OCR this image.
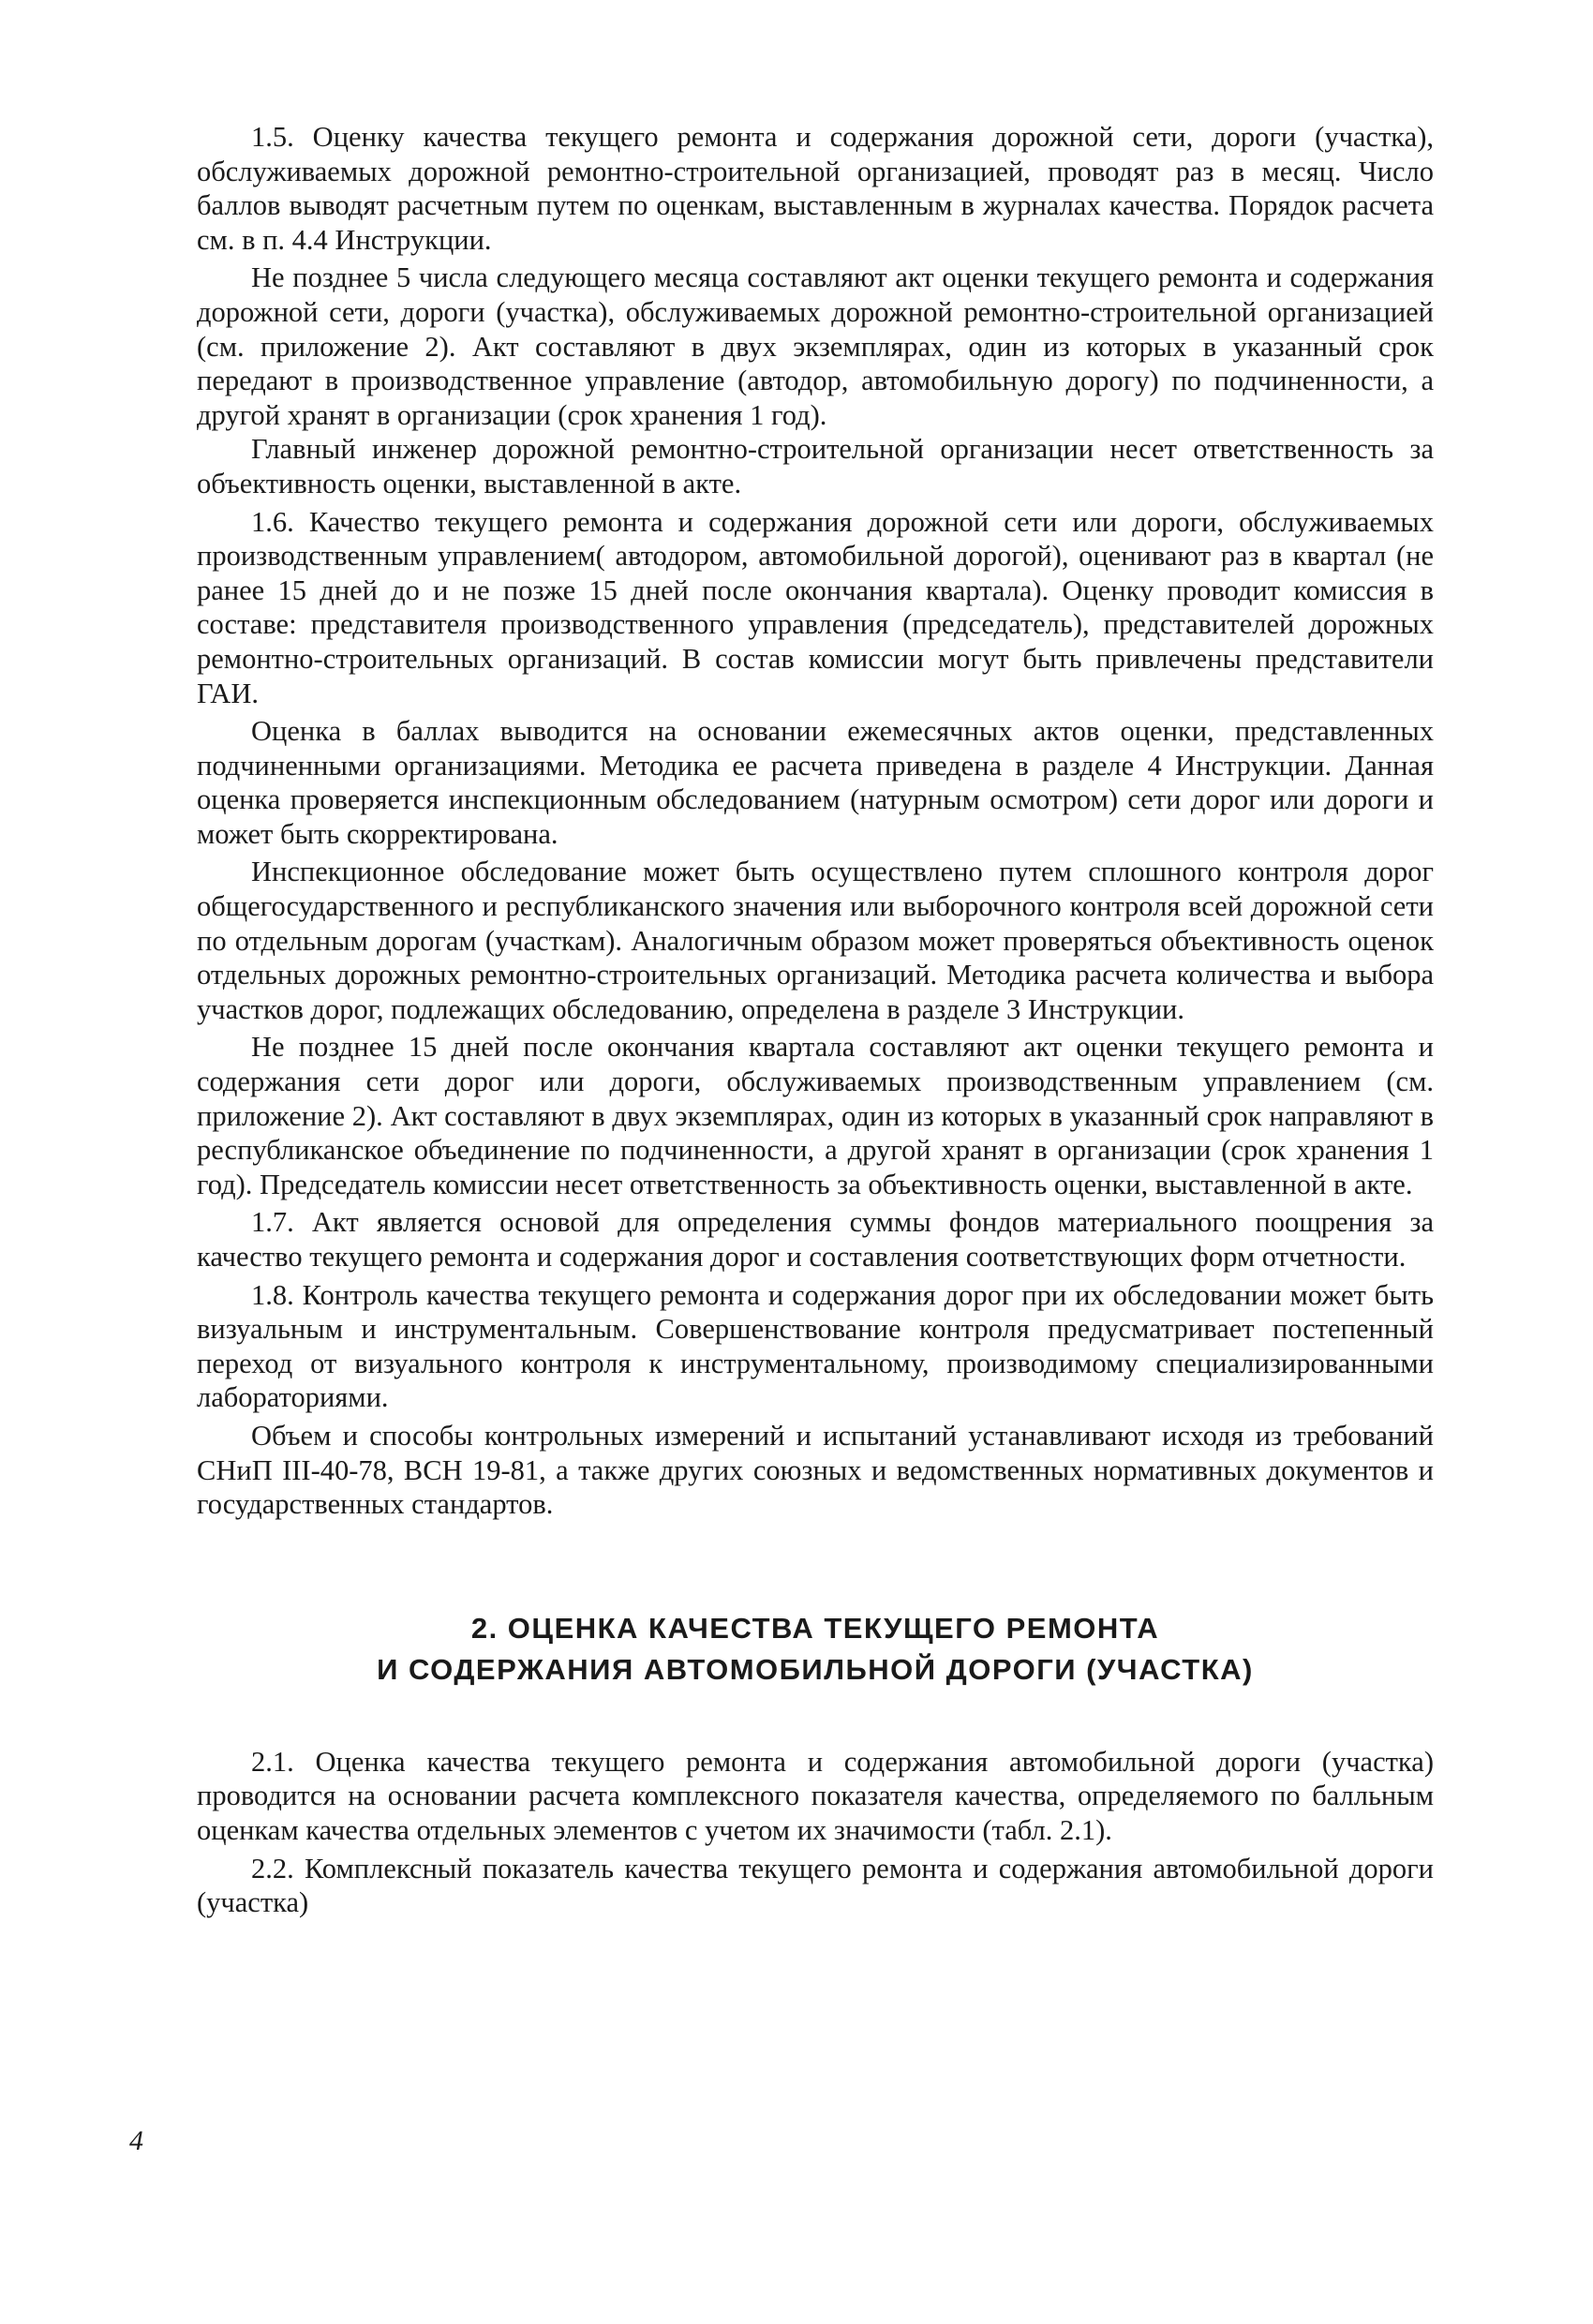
1.5. Оценку качества текущего ремонта и содержания дорожной сети, дороги (участка), обслуживаемых дорожной ремонтно-строительной организацией, проводят раз в месяц. Число баллов выводят расчетным путем по оценкам, выставленным в журналах качества. Порядок расчета см. в п. 4.4 Инструкции.

Не позднее 5 числа следующего месяца составляют акт оценки текущего ремонта и содержания дорожной сети, дороги (участка), обслуживаемых дорожной ремонтно-строительной организацией (см. приложение 2). Акт составляют в двух экземплярах, один из которых в указанный срок передают в производственное управление (автодор, автомобильную дорогу) по подчиненности, а другой хранят в организации (срок хранения 1 год).

Главный инженер дорожной ремонтно-строительной организации несет ответственность за объективность оценки, выставленной в акте.

1.6. Качество текущего ремонта и содержания дорожной сети или дороги, обслуживаемых производственным управлением( автодором, автомобильной дорогой), оценивают раз в квартал (не ранее 15 дней до и не позже 15 дней после окончания квартала). Оценку проводит комиссия в составе: представителя производственного управления (председатель), представителей дорожных ремонтно-строительных организаций. В состав комиссии могут быть привлечены представители ГАИ.

Оценка в баллах выводится на основании ежемесячных актов оценки, представленных подчиненными организациями. Методика ее расчета приведена в разделе 4 Инструкции. Данная оценка проверяется инспекционным обследованием (натурным осмотром) сети дорог или дороги и может быть скорректирована.

Инспекционное обследование может быть осуществлено путем сплошного контроля дорог общегосударственного и республиканского значения или выборочного контроля всей дорожной сети по отдельным дорогам (участкам). Аналогичным образом может проверяться объективность оценок отдельных дорожных ремонтно-строительных организаций. Методика расчета количества и выбора участков дорог, подлежащих обследованию, определена в разделе 3 Инструкции.

Не позднее 15 дней после окончания квартала составляют акт оценки текущего ремонта и содержания сети дорог или дороги, обслуживаемых производственным управлением (см. приложение 2). Акт составляют в двух экземплярах, один из которых в указанный срок направляют в республиканское объединение по подчиненности, а другой хранят в организации (срок хранения 1 год). Председатель комиссии несет ответственность за объективность оценки, выставленной в акте.

1.7. Акт является основой для определения суммы фондов материального поощрения за качество текущего ремонта и содержания дорог и составления соответствующих форм отчетности.

1.8. Контроль качества текущего ремонта и содержания дорог при их обследовании может быть визуальным и инструментальным. Совершенствование контроля предусматривает постепенный переход от визуального контроля к инструментальному, производимому специализированными лабораториями.

Объем и способы контрольных измерений и испытаний устанавливают исходя из требований СНиП III-40-78, ВСН 19-81, а также других союзных и ведомственных нормативных документов и государственных стандартов.

2. ОЦЕНКА КАЧЕСТВА ТЕКУЩЕГО РЕМОНТА
И СОДЕРЖАНИЯ АВТОМОБИЛЬНОЙ ДОРОГИ (УЧАСТКА)

2.1. Оценка качества текущего ремонта и содержания автомобильной дороги (участка) проводится на основании расчета комплексного показателя качества, определяемого по балльным оценкам качества отдельных элементов с учетом их значимости (табл. 2.1).

2.2. Комплексный показатель качества текущего ремонта и содержания автомобильной дороги (участка)

4
